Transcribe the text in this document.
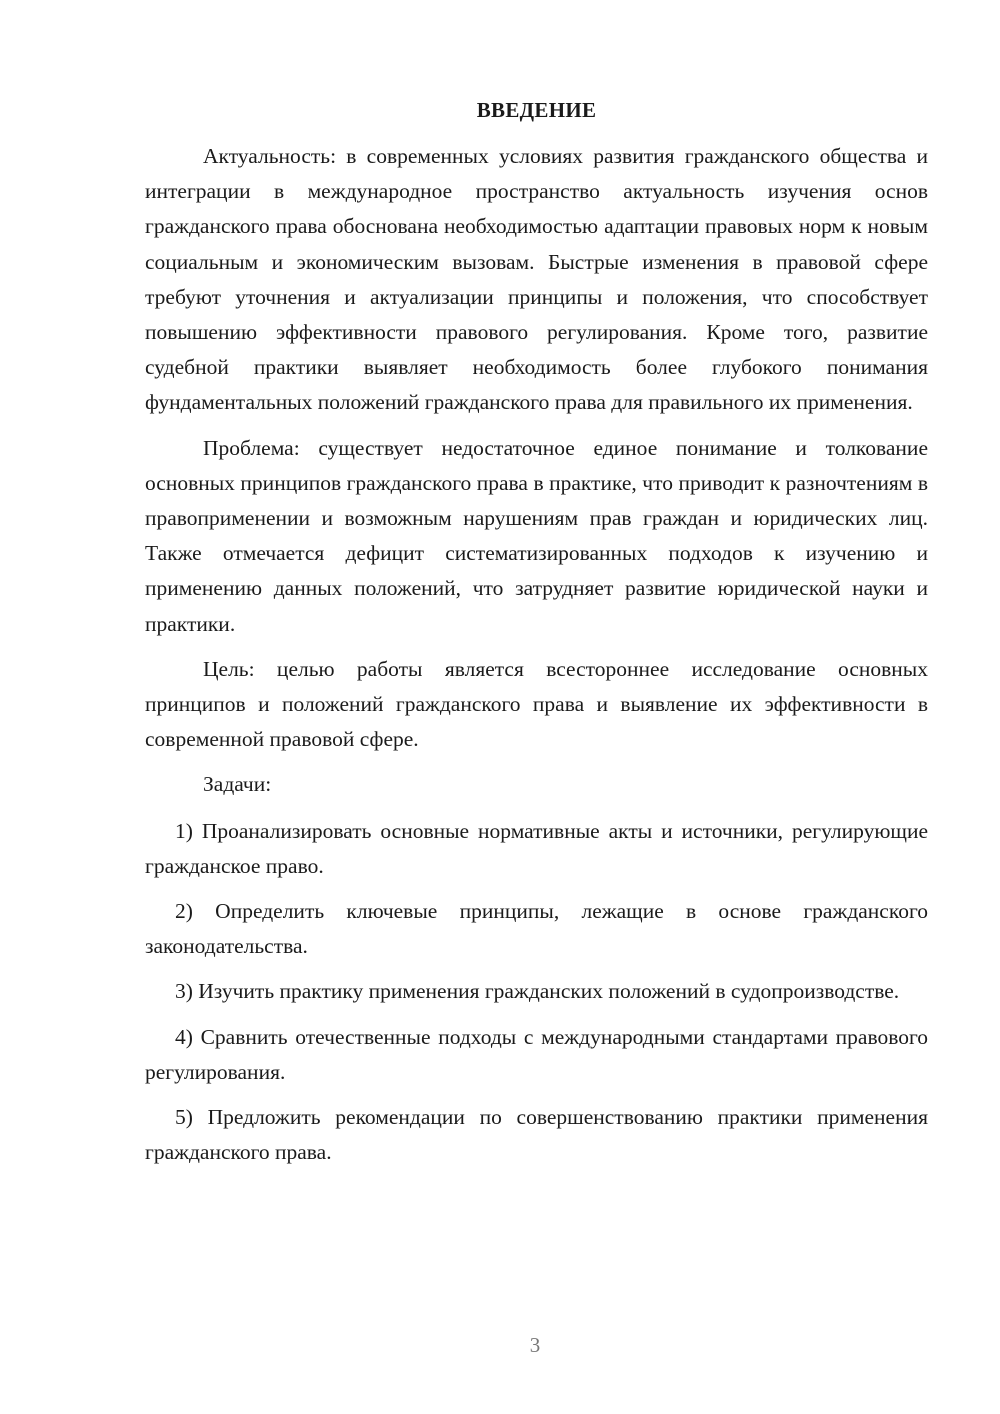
ВВЕДЕНИЕ

Актуальность: в современных условиях развития гражданского общества и интеграции в международное пространство актуальность изучения основ гражданского права обоснована необходимостью адаптации правовых норм к новым социальным и экономическим вызовам. Быстрые изменения в правовой сфере требуют уточнения и актуализации принципы и положения, что способствует повышению эффективности правового регулирования. Кроме того, развитие судебной практики выявляет необходимость более глубокого понимания фундаментальных положений гражданского права для правильного их применения.

Проблема: существует недостаточное единое понимание и толкование основных принципов гражданского права в практике, что приводит к разночтениям в правоприменении и возможным нарушениям прав граждан и юридических лиц. Также отмечается дефицит систематизированных подходов к изучению и применению данных положений, что затрудняет развитие юридической науки и практики.

Цель: целью работы является всестороннее исследование основных принципов и положений гражданского права и выявление их эффективности в современной правовой сфере.

Задачи:

1) Проанализировать основные нормативные акты и источники, регулирующие гражданское право.

2) Определить ключевые принципы, лежащие в основе гражданского законодательства.

3) Изучить практику применения гражданских положений в судопроизводстве.

4) Сравнить отечественные подходы с международными стандартами правового регулирования.

5) Предложить рекомендации по совершенствованию практики применения гражданского права.

3
